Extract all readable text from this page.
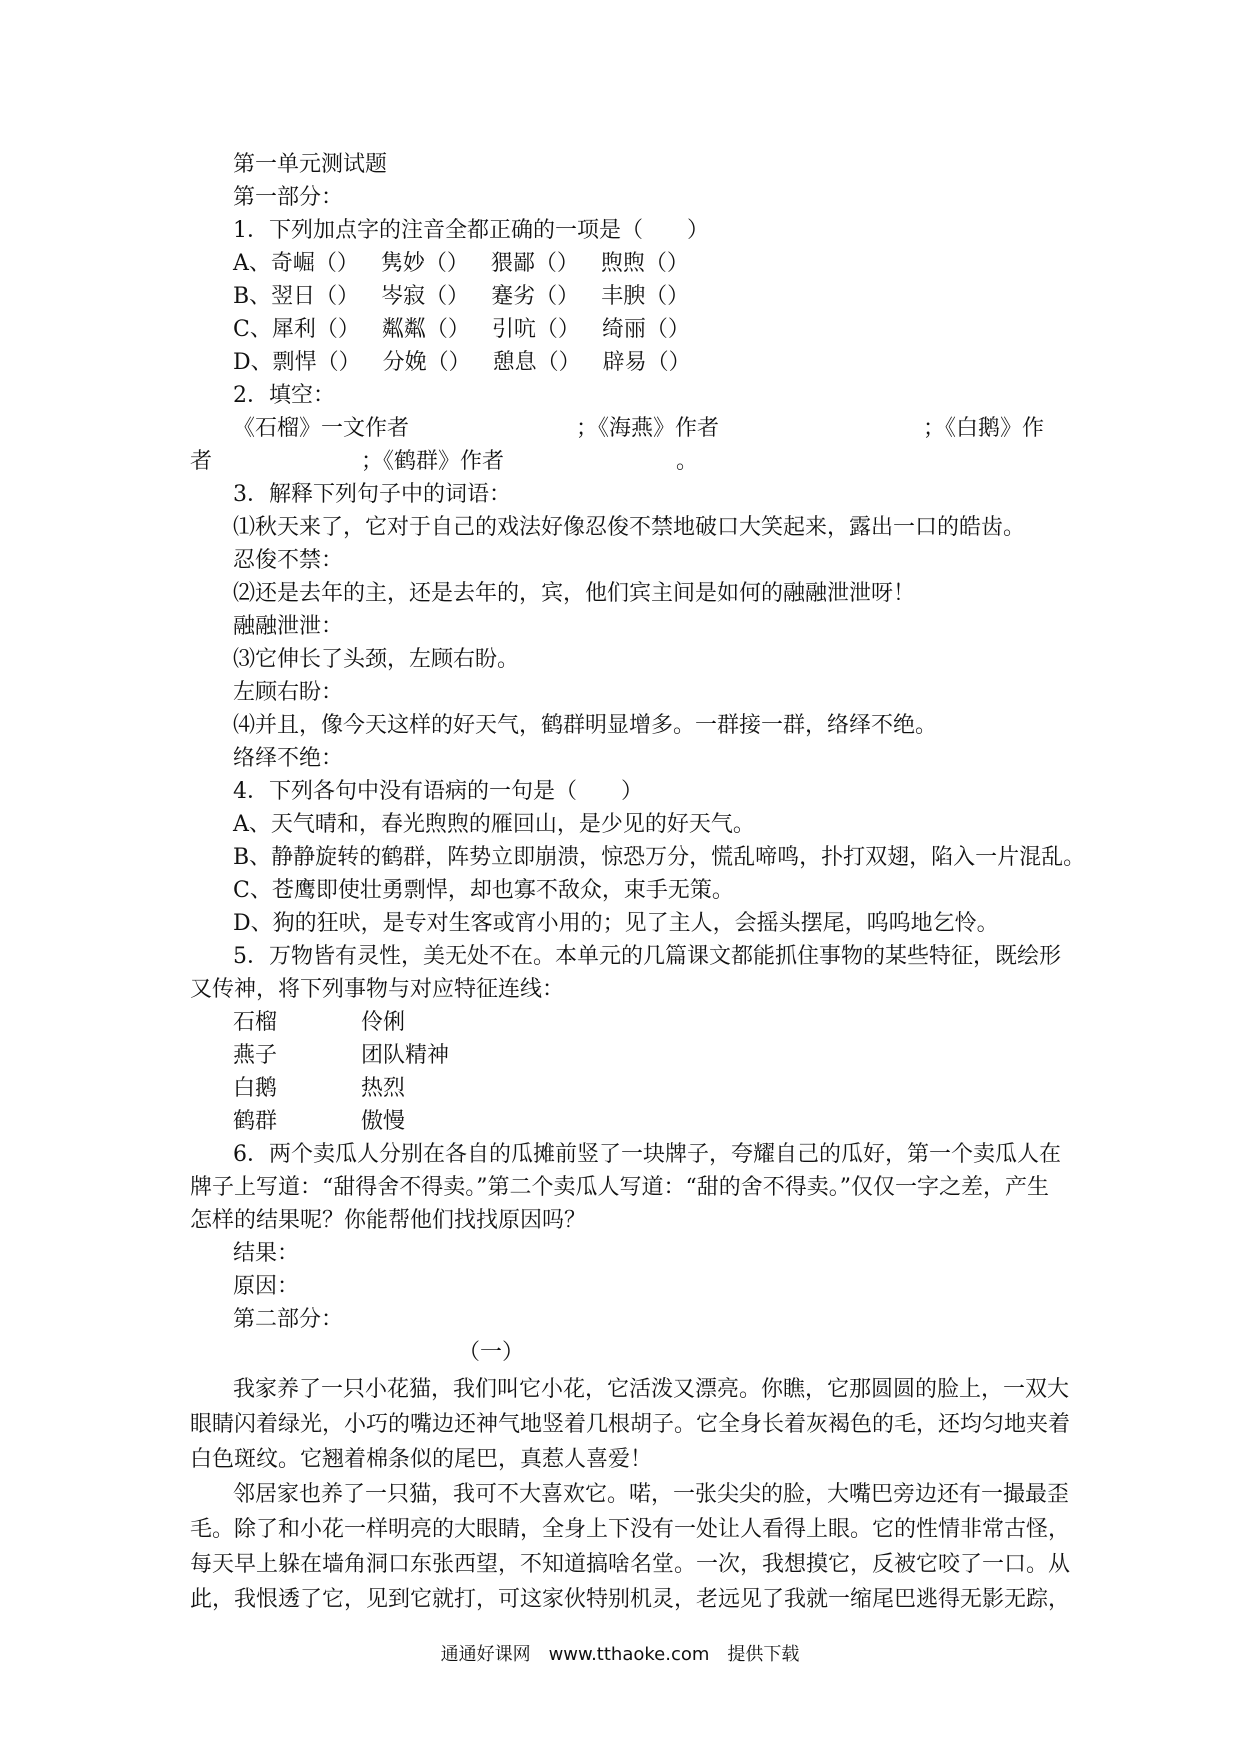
第一单元测试题
第一部分：
1．下列加点字的注音全都正确的一项是（　　）
A、奇崛（） 隽妙（） 猥鄙（） 煦煦（）
B、翌日（） 岑寂（） 蹇劣（） 丰腴（）
C、犀利（） 粼粼（） 引吭（） 绮丽（）
D、剽悍（） 分娩（） 憩息（） 辟易（）
2．填空：
《石榴》一文作者	；《海燕》作者	；《白鹅》作
者	；《鹤群》作者	。
3．解释下列句子中的词语：
⑴秋天来了，它对于自己的戏法好像忍俊不禁地破口大笑起来，露出一口的皓齿。
忍俊不禁：
⑵还是去年的主，还是去年的，宾，他们宾主间是如何的融融泄泄呀！
融融泄泄：
⑶它伸长了头颈，左顾右盼。
左顾右盼：
⑷并且，像今天这样的好天气，鹤群明显增多。一群接一群，络绎不绝。
络绎不绝：
4．下列各句中没有语病的一句是（　　）
A、天气晴和，春光煦煦的雁回山，是少见的好天气。
B、静静旋转的鹤群，阵势立即崩溃，惊恐万分，慌乱啼鸣，扑打双翅，陷入一片混乱。
C、苍鹰即使壮勇剽悍，却也寡不敌众，束手无策。
D、狗的狂吠，是专对生客或宵小用的；见了主人，会摇头摆尾，呜呜地乞怜。
5．万物皆有灵性，美无处不在。本单元的几篇课文都能抓住事物的某些特征，既绘形
又传神，将下列事物与对应特征连线：
石榴	伶俐
燕子	团队精神
白鹅	热烈
鹤群	傲慢
6．两个卖瓜人分别在各自的瓜摊前竖了一块牌子，夸耀自己的瓜好，第一个卖瓜人在
牌子上写道：“甜得舍不得卖。”第二个卖瓜人写道：“甜的舍不得卖。”仅仅一字之差，产生
怎样的结果呢？你能帮他们找找原因吗？
结果：
原因：
第二部分：
（一）
我家养了一只小花猫，我们叫它小花，它活泼又漂亮。你瞧，它那圆圆的脸上，一双大
眼睛闪着绿光，小巧的嘴边还神气地竖着几根胡子。它全身长着灰褐色的毛，还均匀地夹着
白色斑纹。它翘着棉条似的尾巴，真惹人喜爱！
邻居家也养了一只猫，我可不大喜欢它。喏，一张尖尖的脸，大嘴巴旁边还有一撮最歪
毛。除了和小花一样明亮的大眼睛，全身上下没有一处让人看得上眼。它的性情非常古怪，
每天早上躲在墙角洞口东张西望，不知道搞啥名堂。一次，我想摸它，反被它咬了一口。从
此，我恨透了它，见到它就打，可这家伙特别机灵，老远见了我就一缩尾巴逃得无影无踪，
通通好课网　www.tthaoke.com　提供下载
